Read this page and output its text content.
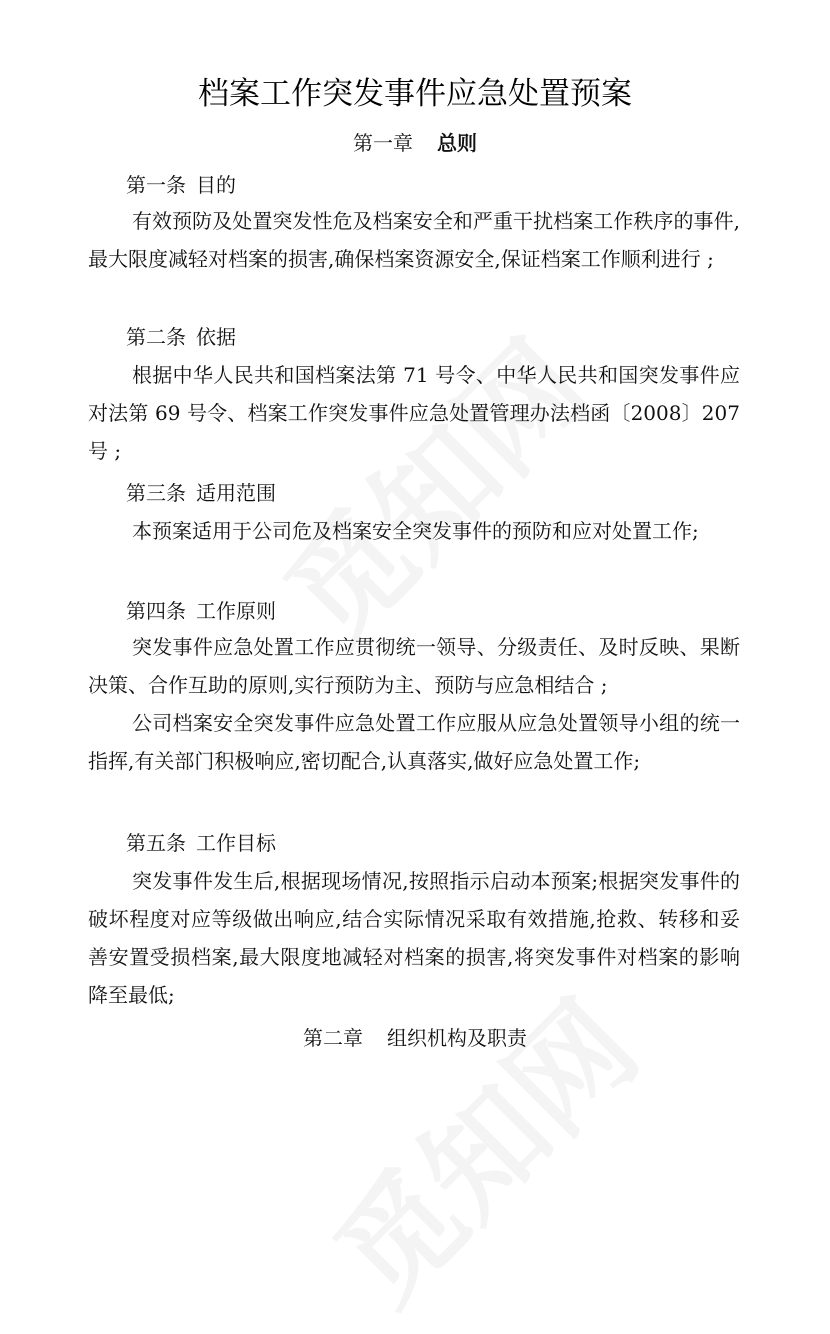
档案工作突发事件应急处置预案
第一章 总则
第一条 目的
有效预防及处置突发性危及档案安全和严重干扰档案工作秩序的事件,最大限度减轻对档案的损害,确保档案资源安全,保证档案工作顺利进行 ;
第二条 依据
根据中华人民共和国档案法第 71 号令、中华人民共和国突发事件应对法第 69 号令、档案工作突发事件应急处置管理办法档函〔2008〕207 号 ;
第三条 适用范围
本预案适用于公司危及档案安全突发事件的预防和应对处置工作;
第四条 工作原则
突发事件应急处置工作应贯彻统一领导、分级责任、及时反映、果断决策、合作互助的原则,实行预防为主、预防与应急相结合 ;
公司档案安全突发事件应急处置工作应服从应急处置领导小组的统一指挥,有关部门积极响应,密切配合,认真落实,做好应急处置工作;
第五条 工作目标
突发事件发生后,根据现场情况,按照指示启动本预案;根据突发事件的破坏程度对应等级做出响应,结合实际情况采取有效措施,抢救、转移和妥善安置受损档案,最大限度地减轻对档案的损害,将突发事件对档案的影响降至最低;
第二章 组织机构及职责
